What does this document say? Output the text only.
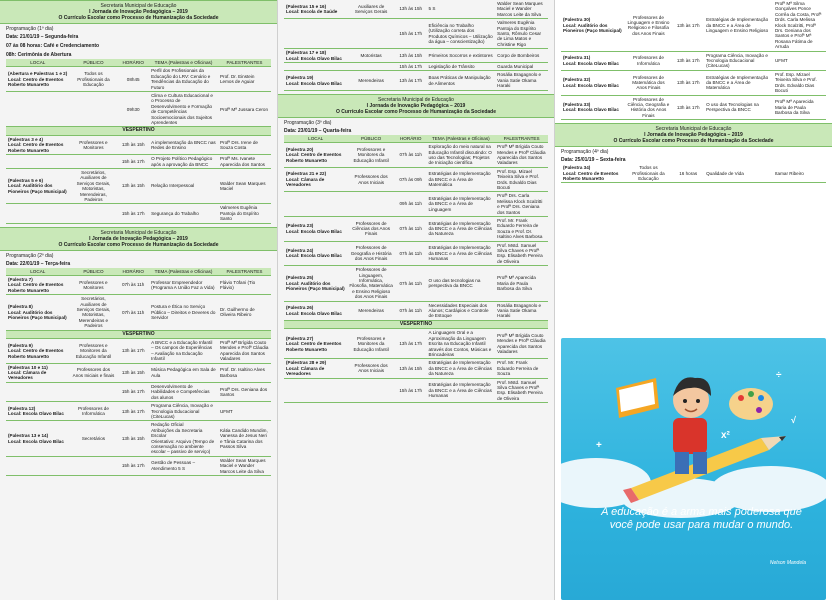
Secretaria Municipal de Educação
I Jornada de Inovação Pedagógica – 2019
O Currículo Escolar como Processo de Humanização da Sociedade
Programação (1º dia)
Data: 21/01/19 – Segunda-feira
07 às 08 horas: Café e Credenciamento
08h: Cerimônia de Abertura
LOCAL	PÚBLICO	HORÁRIO	TEMA (Palestras e Oficinas)	PALESTRANTES
(Abertura e Palestras 1 e 2)
Local: Centro de Eventos Roberto Munaretto	Todos os Profissionais da Educação	08h45	Perfil dos Profissionais da Educação do LRV: Cenário e Tendências da Educação do Futuro	Prof. Dr. Einstein Lemos de Aguiar
		09h30	Clima e Cultura Educacional e o Processo de Desenvolvimento e Formação de Competências Socioemocionais dos Sujeitos Aprendentes	Profª Mª Jussara Ceron
VESPERTINO				
(Palestras 3 e 4)
Local: Centro de Eventos Roberto Munaretto	Professores e Monitores	13h às 15h	A implementação da BNCC nas Redes de Ensino	Profª Drs. Irene de Souza Costa
		15h às 17h	O Projeto Político Pedagógico após a aprovação da BNCC	Profª Ms. Ivanete Aparecida dos Santos
(Palestras 5 e 6)
Local: Auditório dos Pioneiros (Paço Municipal)	Secretários, Auxiliares de Serviços Gerais, Motoristas, Merendeiras, Padeiros	13h às 15h	Relação Interpessoal	Walder Sean Marques Maciel
		15h às 17h	Segurança do Trabalho	Valmeres Eugênia Pantoja do Espírito Santo
Secretaria Municipal de Educação
I Jornada de Inovação Pedagógica – 2019
O Currículo Escolar como Processo de Humanização da Sociedade
Programação (2º dia)
Data: 22/01/19 – Terça-feira
LOCAL	PÚBLICO	HORÁRIO	TEMA (Palestras e Oficinas)	PALESTRANTES
(Palestra 7)
Local: Centro de Eventos Roberto Munaretto	Professores e Monitores	07h às 11h	Professor Empreendedor (Programa A União Faz a Vida)	Flávio Töfani (Tio Flávio)
(Palestra 8)
Local: Auditório dos Pioneiros (Paço Municipal)	Secretários, Auxiliares de Serviços Gerais, Motoristas, Merendeiras e Padeiros	07h às 11h	Postura e Ética no Serviço Público – Direitos e Deveres do Servidor	Dr. Guilhermo de Oliveira Ribeiro
VESPERTINO				
(Palestra 9)
Local: Centro de Eventos Roberto Munaretto	Professores e Monitores da Educação Infantil	13h às 17h	A BNCC e a Educação Infantil
– Os campos de Experiências
– Avaliação na Educação Infantil	Profª Mª Brígida Couto Mendes e Profª Cláudia Aparecida dos Santos Valadares
(Palestras 10 e 11)
Local: Câmara de Vereadores	Professores dos Anos Iniciais e finais	13h às 15h	Música Pedagógica em Sala de Aula	Prof. Dr. Isaltino Alves Barbosa
		15h às 17h	Desenvolvimento de Habilidades e Competências dos alunos	Profª Drs. Geniana dos Santos
(Palestra 12)
Local: Escola Olavo Bilac	Professores de Informática	13h às 17h	Programa Ciência, Inovação e Tecnologia Educacional (CiteLucas)	UFMT
(Palestras 13 e 14)
Local: Escola Olavo Bilac	Secretários	13h às 15h	Redação Oficial
Atribuições da Secretaria Escolar
Orientativo: Arquivo (Tempo de conservação no ambiente escolar – passivo de serviço)	Kátia Candido Mundim, Vanessa de Jesus Neri e Tânia Catarina dos Passos Silva
		15h às 17h	Gestão de Pessoas – Atendimento 5 S	Walder Sean Marques Maciel e Wander Marcos Leite da Silva
(Palestras 15 e 16)
Local: Escola de Saúde	Auxiliares de Serviços Gerais	13h às 15h	5 S	Walder Sean Marques Maciel e Wander Marcos Leite da Silva
		15h às 17h	Eficiência no Trabalho (Utilização correta dos Produtos Químicos – Utilização da água – conscientização)	Valmeres Eugênia Pantoja do Espírito Santo, Rômulo Cesar de Lima Matos e Christine Rigo
(Palestras 17 e 18)
Local: Escola Olavo Bilac	Motoristas	13h às 15h	Primeiros Socorros e extintores	Corpo de Bombeiros
		15h às 17h	Legislação de Trânsito	Guarda Municipal
(Palestra 19)
Local: Escola Olavo Bilac	Merendeiras	13h às 17h	Boas Práticas de Manipulação de Alimentos	Rosália Bragagnolo e Vania Satie Okama Haraki
Secretaria Municipal de Educação
I Jornada de Inovação Pedagógica – 2019
O Currículo Escolar como Processo de Humanização da Sociedade
Programação (3º dia)
Data: 23/01/19 – Quarta-feira
LOCAL	PÚBLICO	HORÁRIO	TEMA (Palestras e Oficinas)	PALESTRANTES
(Palestra 20)
Local: Centro de Eventos Roberto Munaretto	Professores e Monitores da Educação Infantil	07h às 11h	Exploração do meio natural na Educação Infantil discutindo: O uso das Tecnologias; Projetos de Iniciação científica	Profª Mª Brígida Couto Mendes e Profª Cláudia Aparecida dos Santos Valadares
(Palestras 21 e 22)
Local: Câmara de Vereadores	Professores dos Anos Iniciais	07h às 09h	Estratégias de Implementação da BNCC e a Área de Matemática	Prof. Esp. Mizael Teixeira Silva e Prof. Drds. Edvaldo Dias Bocuti
		09h às 11h	Estratégias de Implementação da BNCC e a Área de Linguagem	Profª Drs. Carla Melissa Klock Scalzitti e Profª Drs. Geniana dos Santos
(Palestra 23)
Local: Escola Olavo Bilac	Professores de Ciências dos Anos Finais	07h às 11h	Estratégias de Implementação da BNCC e a Área de Ciências da Natureza	Prof. Mr. Frank Eduardo Ferreira de Souza e Prof. Dr. Isaltino Alves Barbosa
(Palestra 24)
Local: Escola Olavo Bilac	Professores de Geografia e História dos Anos Finais	07h às 11h	Estratégias de Implementação da BNCC e a Área de Ciências Humanas	Prof. Mstd. Samuel Silva Chaves e Profª Esp. Elisabeth Pereira de Oliveira
(Palestra 25)
Local: Auditório dos Pioneiros (Paço Municipal)	Professores de Linguagem, Informática, Filosofia, Matemática e Ensino Religioso dos Anos Finais	07h às 11h	O uso das tecnologias na perspectiva da BNCC	Profª Mª Aparecida Maria de Paula Barbosa da Silva
(Palestra 26)
Local: Escola Olavo Bilac	Merendeiras	07h às 11h	Necessidades Especiais dos Alunos; Cardápios e Controle de Estoque	Rosália Bragagnolo e Vania Satie Okama Haraki
VESPERTINO				
(Palestra 27)
Local: Centro de Eventos Roberto Munaretto	Professores e Monitores da Educação Infantil	13h às 17h	A Linguagem Oral e a Aproximação da Linguagem Escrita na Educação Infantil através dos Contos, Músicas e Brincadeiras	Profª Mª Brígida Couto Mendes e Profª Cláudia Aparecida dos Santos Valadares
(Palestras 28 e 29)
Local: Câmara de Vereadores	Professores dos Anos Iniciais	13h às 15h	Estratégias de Implementação da BNCC e a Área de Ciências da Natureza	Prof. Mr. Frank Eduardo Ferreira de Souza
		15h às 17h	Estratégias de Implementação da BNCC e a Área de Ciências Humanas	Prof. Mstd. Samuel Silva Chaves e Profª Esp. Elisabeth Pereira de Oliveira
(Palestra 30)
Local: Auditório dos Pioneiros (Paço Municipal)	Professores de Linguagem e Ensino Religioso e Filosofia dos Anos Finais	13h às 17h	Estratégias de Implementação da BNCC e a Área de Linguagem e Ensino Religioso	Profª Mª Silma Gonçalves Ponce Corrêa da Costa, Profª Drds. Carla Melissa Klock Scalzitti, Profª Drs. Geniana dos Santos e Profª Mª Rosana Fátima de Arruda
(Palestra 31)
Local: Escola Olavo Bilac	Professores de Informática	13h às 17h	Programa Ciência, Inovação e Tecnologia Educacional (CiteLucas)	UFMT
(Palestra 32)
Local: Escola Olavo Bilac	Professores de Matemática dos Anos Finais	13h às 17h	Estratégias de Implementação da BNCC e a Área de Matemática	Prof. Esp. Mizael Teixeira Silva e Prof. Drds. Edvaldo Dias Bocuti
(Palestra 33)
Local: Escola Olavo Bilac	Professores de Ciência, Geografia e História dos Anos Finais	13h às 17h	O uso das Tecnologias na Perspectiva da BNCC	Profª Mª Aparecida Maria de Paula Barbosa da Silva
Secretaria Municipal de Educação
I Jornada de Inovação Pedagógica – 2019
O Currículo Escolar como Processo de Humanização da Sociedade
Programação (4º dia)
Data: 25/01/19 – Sexta-feira
(Palestra 34)
Local: Centro de Eventos Roberto Munaretto	Todos os Profissionais da Educação	16 horas	Qualidade de Vida	Itamar Ribeiro
x²
÷
+
√
A educação é a arma mais poderosa que você pode usar para mudar o mundo.
Nelson Mandela
